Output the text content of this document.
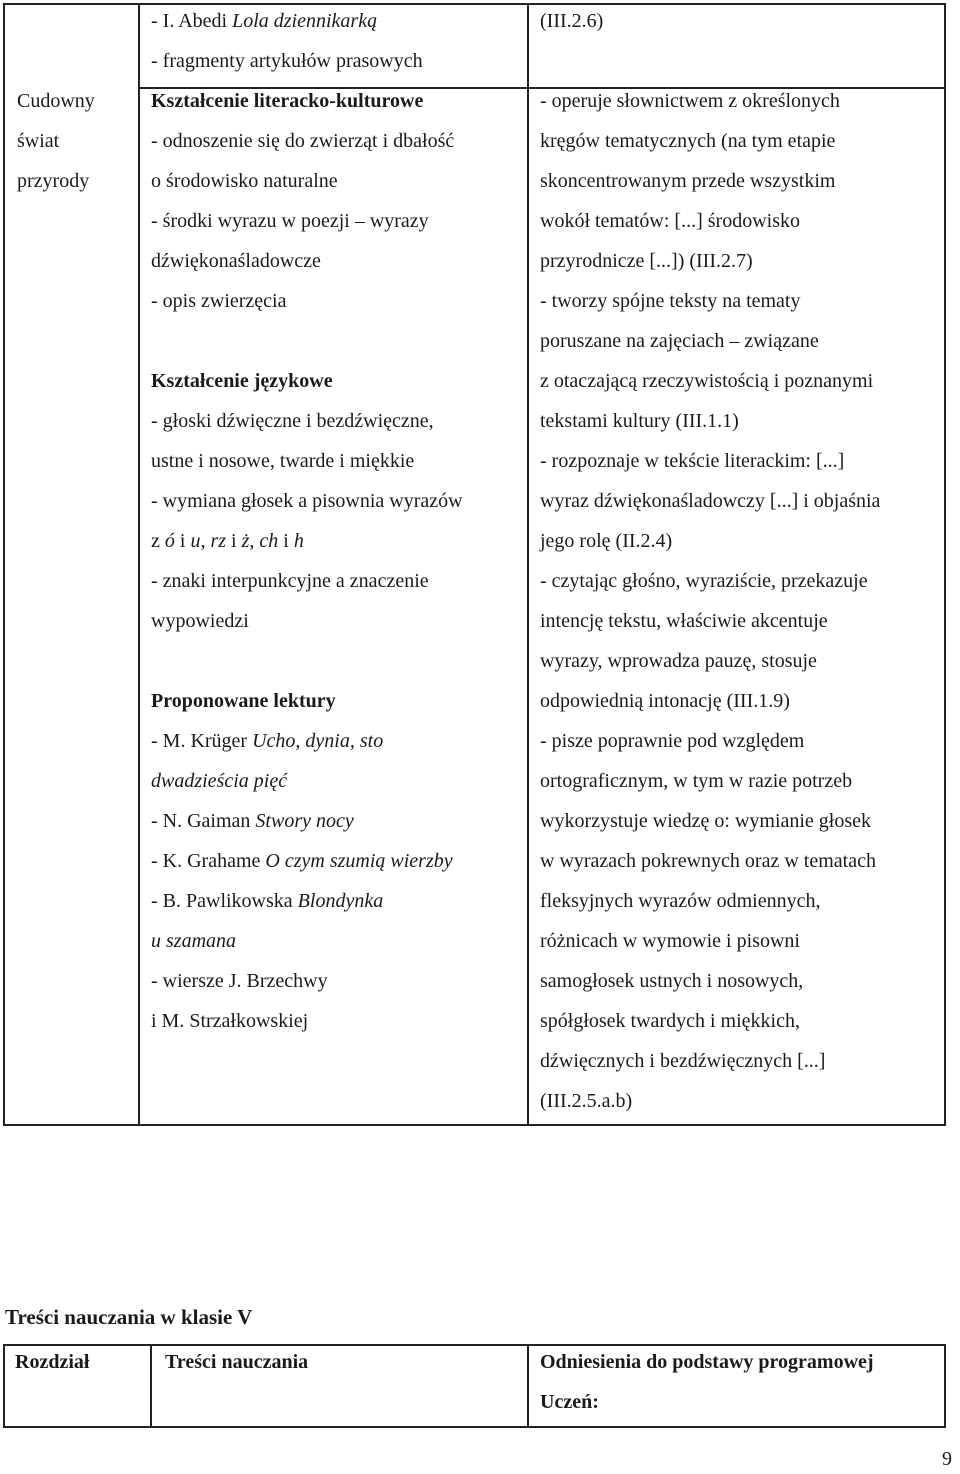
- I. Abedi Lola dziennikarką
- fragmenty artykułów prasowych
(III.2.6)
Cudowny
świat
przyrody
Kształcenie literacko-kulturowe
- odnoszenie się do zwierząt i dbałość
o środowisko naturalne
- środki wyrazu w poezji – wyrazy
dźwiękonaśladowcze
- opis zwierzęcia

Kształcenie językowe
- głoski dźwięczne i bezdźwięczne,
ustne i nosowe, twarde i miękkie
- wymiana głosek a pisownia wyrazów
z ó i u, rz i ż, ch i h
- znaki interpunkcyjne a znaczenie
wypowiedzi

Proponowane lektury
- M. Krüger Ucho, dynia, sto
dwadzieścia pięć
- N. Gaiman Stwory nocy
- K. Grahame O czym szumią wierzby
- B. Pawlikowska Blondynka
u szamana
- wiersze J. Brzechwy
i M. Strzałkowskiej
- operuje słownictwem z określonych
kręgów tematycznych (na tym etapie
skoncentrowanym przede wszystkim
wokół tematów: [...] środowisko
przyrodnicze [...]) (III.2.7)
- tworzy spójne teksty na tematy
poruszane na zajęciach – związane
z otaczającą rzeczywistością i poznanymi
tekstami kultury (III.1.1)
- rozpoznaje w tekście literackim: [...]
wyraz dźwiękonaśladowczy [...] i objaśnia
jego rolę (II.2.4)
- czytając głośno, wyraziście, przekazuje
intencję tekstu, właściwie akcentuje
wyrazy, wprowadza pauzę, stosuje
odpowiednią intonację (III.1.9)
- pisze poprawnie pod względem
ortograficznym, w tym w razie potrzeb
wykorzystuje wiedzę o: wymianie głosek
w wyrazach pokrewnych oraz w tematach
fleksyjnych wyrazów odmiennych,
różnicach w wymowie i pisowni
samogłosek ustnych i nosowych,
spółgłosek twardych i miękkich,
dźwięcznych i bezdźwięcznych [...]
(III.2.5.a.b)
Treści nauczania w klasie V
Rozdział	Treści nauczania	Odniesienia do podstawy programowej
Uczeń:
9
